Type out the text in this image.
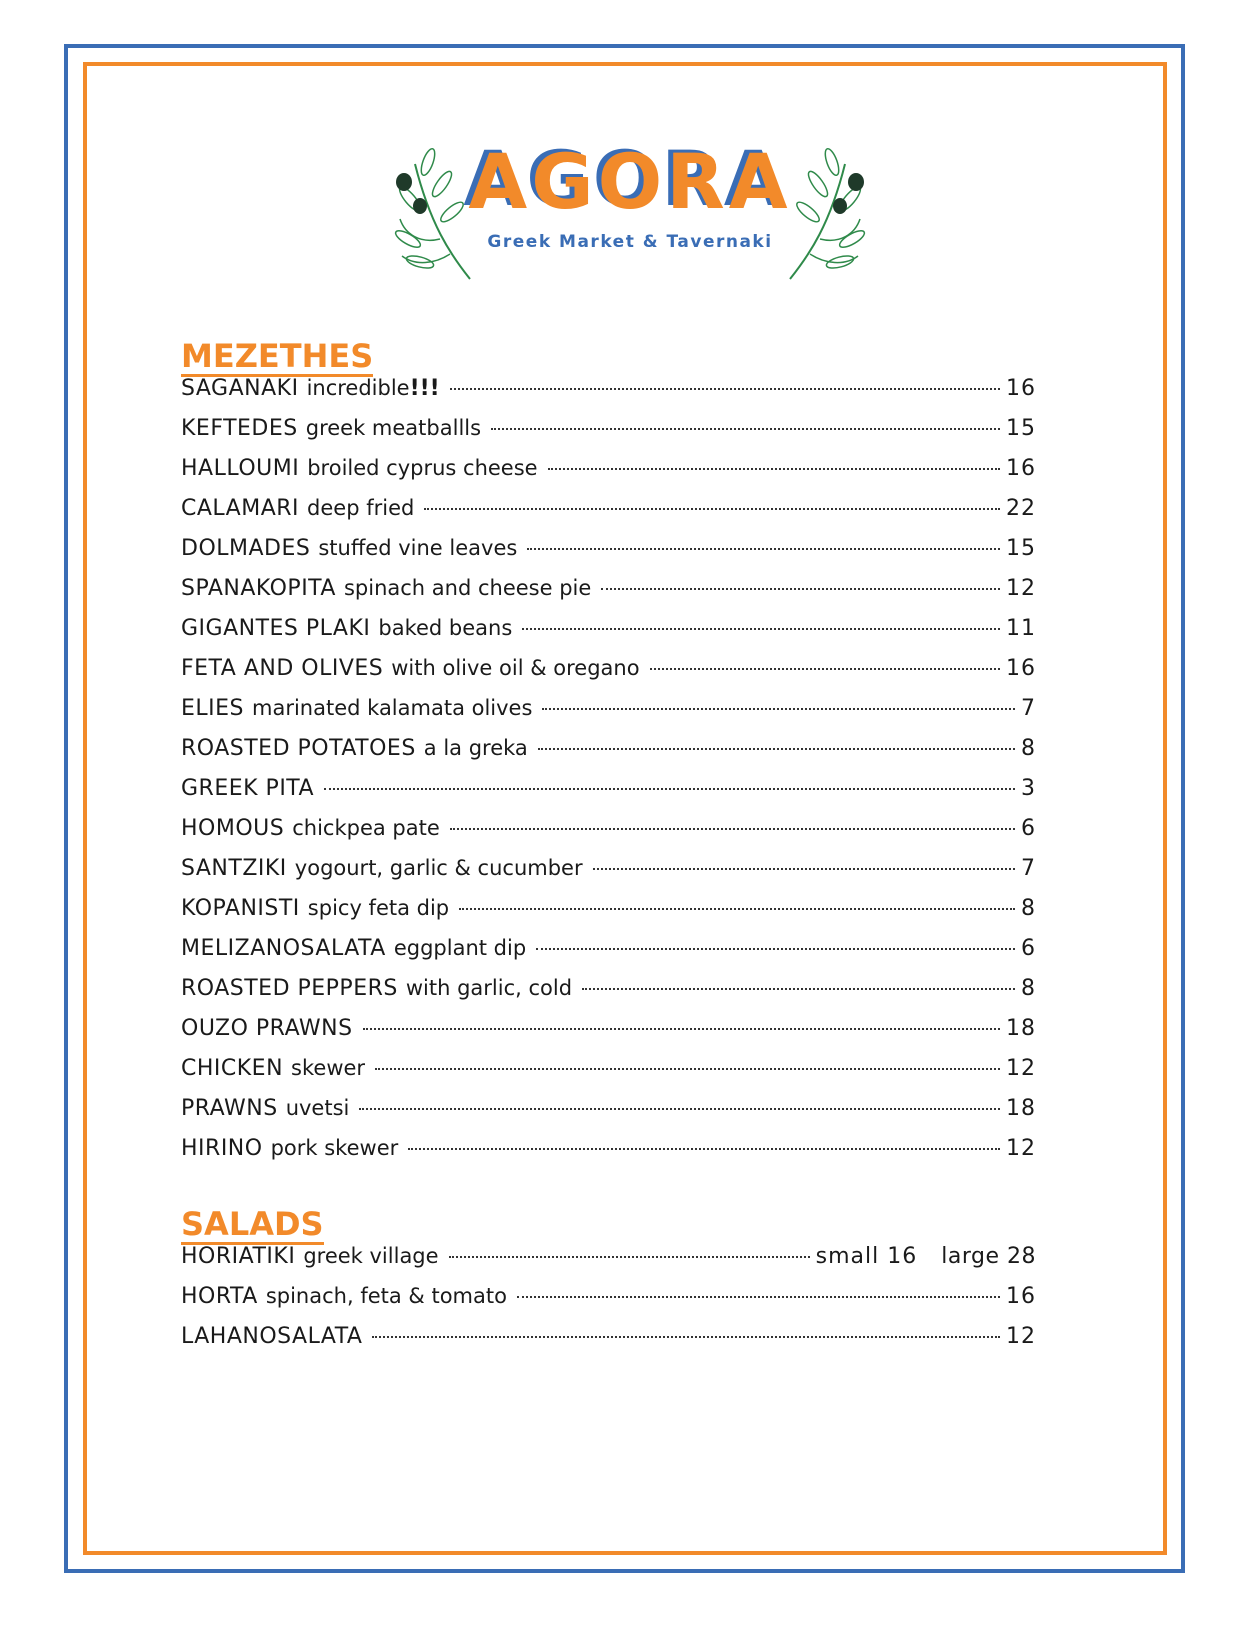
AGORA
Greek Market & Tavernaki
MEZETHES
SAGANAKI incredible !!!	16
KEFTEDES greek meatballls	15
HALLOUMI broiled cyprus cheese	16
CALAMARI deep fried	22
DOLMADES stuffed vine leaves	15
SPANAKOPITA spinach and cheese pie	12
GIGANTES PLAKI baked beans	11
FETA AND OLIVES with olive oil & oregano	16
ELIES marinated kalamata olives	7
ROASTED POTATOES a la greka	8
GREEK PITA	3
HOMOUS chickpea pate	6
SANTZIKI yogourt, garlic & cucumber	7
KOPANISTI spicy feta dip	8
MELIZANOSALATA eggplant dip	6
ROASTED PEPPERS with garlic, cold	8
OUZO PRAWNS	18
CHICKEN skewer	12
PRAWNS uvetsi	18
HIRINO pork skewer	12
SALADS
HORIATIKI greek village	small 16 large 28
HORTA spinach, feta & tomato	16
LAHANOSALATA	12
